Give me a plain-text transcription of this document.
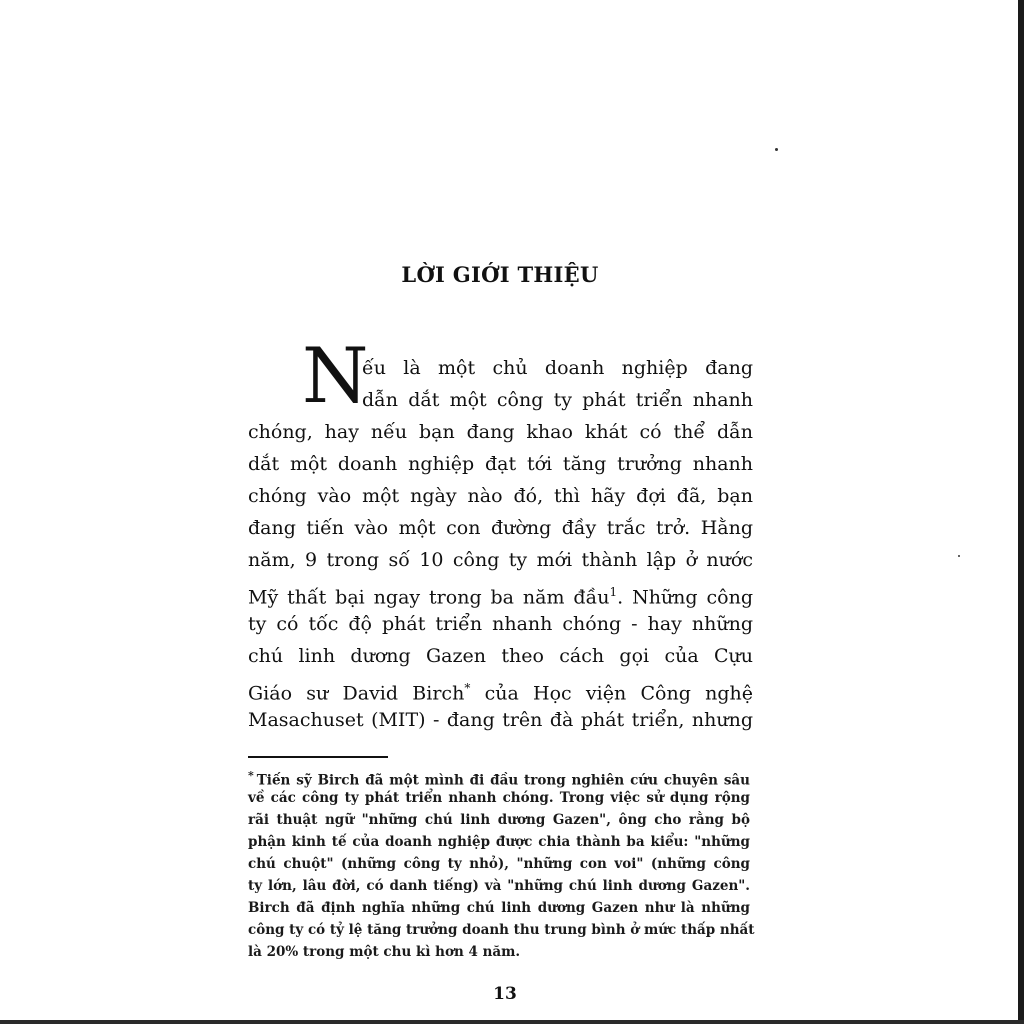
LỜI GIỚI THIỆU
N
ếu là một chủ doanh nghiệp đang
dẫn dắt một công ty phát triển nhanh
chóng, hay nếu bạn đang khao khát có thể dẫn
dắt một doanh nghiệp đạt tới tăng trưởng nhanh
chóng vào một ngày nào đó, thì hãy đợi đã, bạn
đang tiến vào một con đường đầy trắc trở. Hằng
năm, 9 trong số 10 công ty mới thành lập ở nước
Mỹ thất bại ngay trong ba năm đầu$^1$. Những công
ty có tốc độ phát triển nhanh chóng - hay những
chú linh dương Gazen theo cách gọi của Cựu
Giáo sư David Birch* của Học viện Công nghệ
Masachuset (MIT) - đang trên đà phát triển, nhưng
* Tiến sỹ Birch đã một mình đi đầu trong nghiên cứu chuyên sâu
về các công ty phát triển nhanh chóng. Trong việc sử dụng rộng
rãi thuật ngữ "những chú linh dương Gazen", ông cho rằng bộ
phận kinh tế của doanh nghiệp được chia thành ba kiểu: "những
chú chuột" (những công ty nhỏ), "những con voi" (những công
ty lớn, lâu đời, có danh tiếng) và "những chú linh dương Gazen".
Birch đã định nghĩa những chú linh dương Gazen như là những
công ty có tỷ lệ tăng trưởng doanh thu trung bình ở mức thấp nhất
là 20% trong một chu kì hơn 4 năm.
13
